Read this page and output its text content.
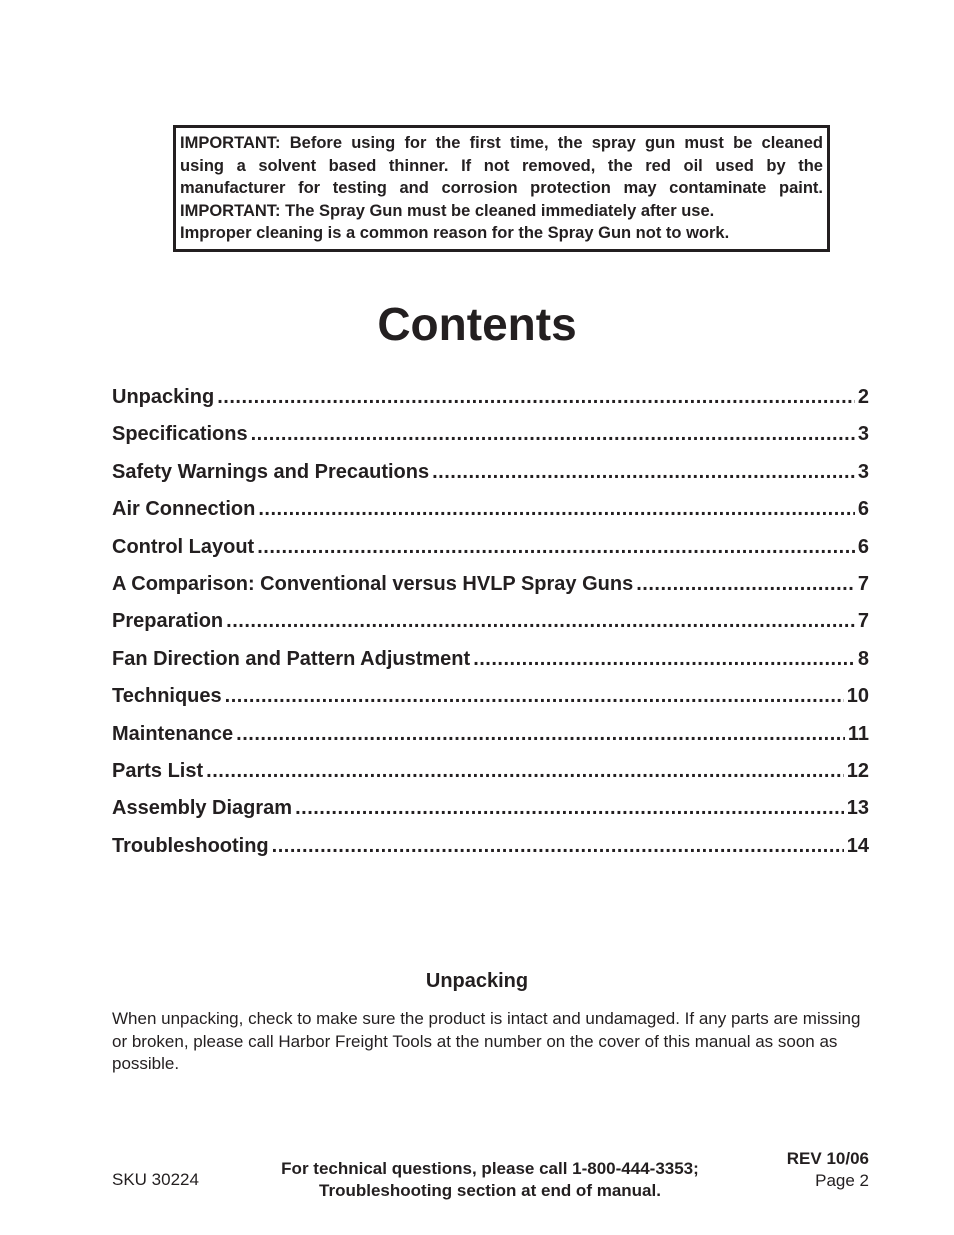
IMPORTANT: Before using for the first time, the spray gun must be cleaned

using a solvent based thinner. If not removed, the red oil used by the

manufacturer for testing and corrosion protection may contaminate paint.

IMPORTANT: The Spray Gun must be cleaned immediately after use.

Improper cleaning is a common reason for the Spray Gun not to work.

Contents
Unpacking .....	2
Specifications .....	3
Safety Warnings and Precautions .....	3
Air Connection .....	6
Control Layout .....	6
A Comparison: Conventional versus HVLP Spray Guns .....	7
Preparation .....	7
Fan Direction and Pattern Adjustment .....	8
Techniques .....	10
Maintenance .....	11
Parts List .....	12
Assembly Diagram .....	13
Troubleshooting .....	14
Unpacking

When unpacking, check to make sure the product is intact and undamaged. If any parts are missing or broken, please call Harbor Freight Tools at the number on the cover of this manual as soon as possible.

SKU 30224
For technical questions, please call 1-800-444-3353;
Troubleshooting section at end of manual.
REV 10/06
Page 2
